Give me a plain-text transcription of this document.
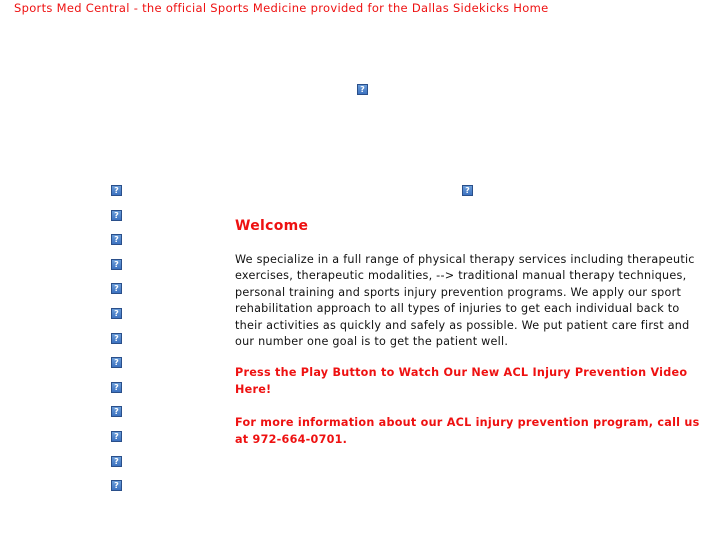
Sports Med Central - the official Sports Medicine provided for the Dallas Sidekicks Home
?
?
?
?
?
?
?
?
?
?
?
?
?
?
?
Welcome

We specialize in a full range of physical therapy services including therapeutic exercises, therapeutic modalities, --> traditional manual therapy techniques, personal training and sports injury prevention programs. We apply our sport rehabilitation approach to all types of injuries to get each individual back to their activities as quickly and safely as possible. We put patient care first and our number one goal is to get the patient well.

Press the Play Button to Watch Our New ACL Injury Prevention Video Here!

For more information about our ACL injury prevention program, call us at 972-664-0701.
